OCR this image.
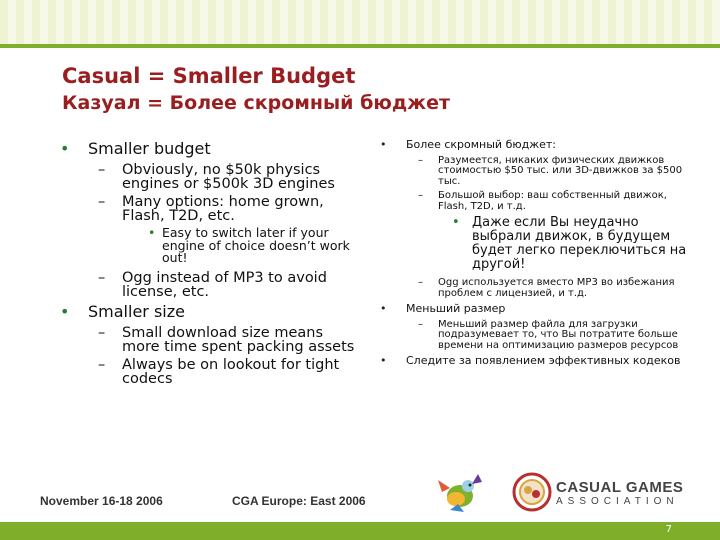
Casual = Smaller Budget
Казуал = Более скромный бюджет
• Smaller budget
– Obviously, no $50k physics engines or $500k 3D engines
– Many options: home grown, Flash, T2D, etc.
• Easy to switch later if your engine of choice doesn’t work out!
– Ogg instead of MP3 to avoid license, etc.
• Smaller size
– Small download size means more time spent packing assets
– Always be on lookout for tight codecs
• Более скромный бюджет:
– Разумеется, никаких физических движков стоимостью $50 тыс. или 3D-движков за $500 тыс.
– Большой выбор: ваш собственный движок, Flash, T2D, и т.д.
• Даже если Вы неудачно выбрали движок, в будущем будет легко переключиться на другой!
– Ogg используется вместо MP3 во избежания проблем с лицензией, и т.д.
• Меньший размер
– Меньший размер файла для загрузки подразумевает то, что Вы потратите больше времени на оптимизацию размеров ресурсов
• Следите за появлением эффективных кодеков
November 16-18 2006	CGA Europe: East 2006
CASUAL GAMES
ASSOCIATION
7
